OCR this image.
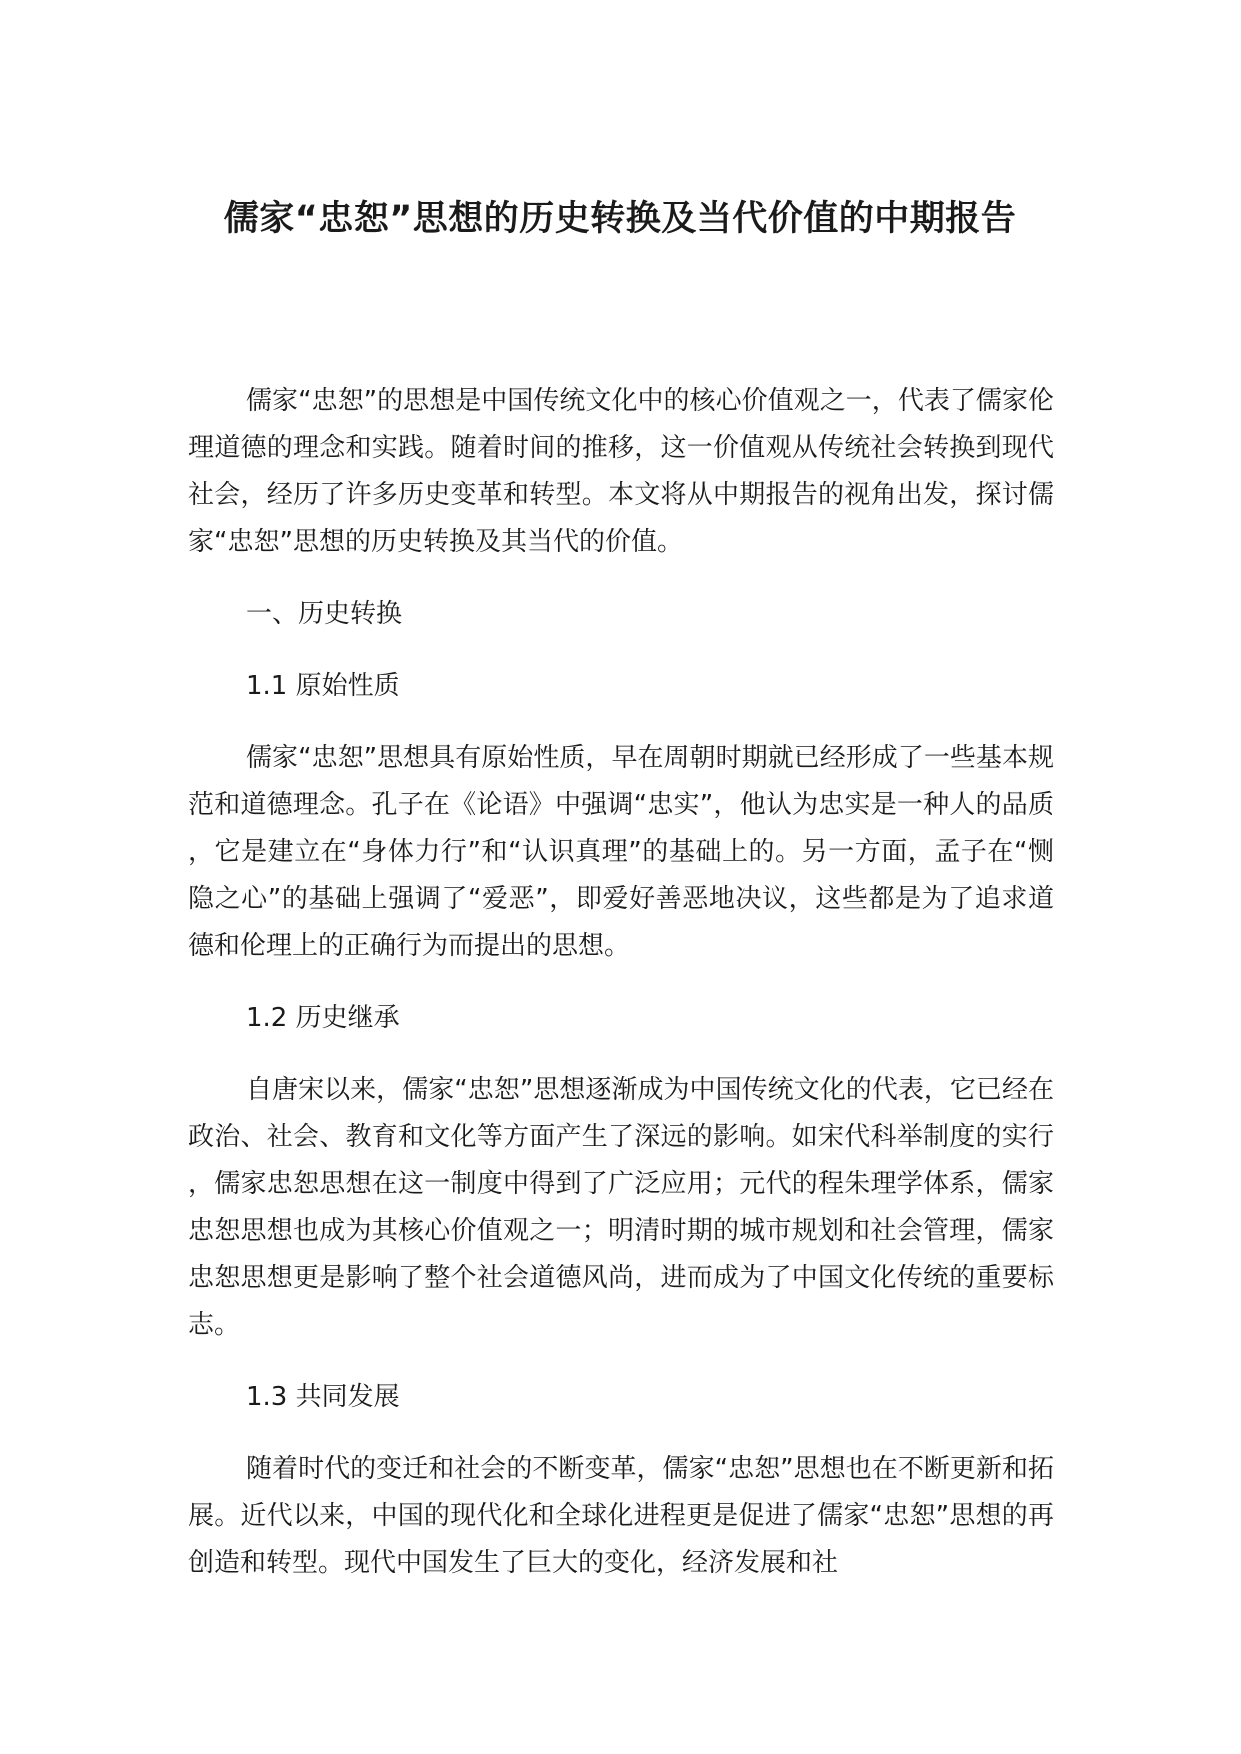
儒家“忠恕”思想的历史转换及当代价值的中期报告

儒家“忠恕”的思想是中国传统文化中的核心价值观之一，代表了儒家伦理道德的理念和实践。随着时间的推移，这一价值观从传统社会转换到现代社会，经历了许多历史变革和转型。本文将从中期报告的视角出发，探讨儒家“忠恕”思想的历史转换及其当代的价值。

一、历史转换

1.1 原始性质

儒家“忠恕”思想具有原始性质，早在周朝时期就已经形成了一些基本规范和道德理念。孔子在《论语》中强调“忠实”，他认为忠实是一种人的品质，它是建立在“身体力行”和“认识真理”的基础上的。另一方面，孟子在“恻隐之心”的基础上强调了“爱恶”，即爱好善恶地决议，这些都是为了追求道德和伦理上的正确行为而提出的思想。

1.2 历史继承

自唐宋以来，儒家“忠恕”思想逐渐成为中国传统文化的代表，它已经在政治、社会、教育和文化等方面产生了深远的影响。如宋代科举制度的实行，儒家忠恕思想在这一制度中得到了广泛应用；元代的程朱理学体系，儒家忠恕思想也成为其核心价值观之一；明清时期的城市规划和社会管理，儒家忠恕思想更是影响了整个社会道德风尚，进而成为了中国文化传统的重要标志。

1.3 共同发展

随着时代的变迁和社会的不断变革，儒家“忠恕”思想也在不断更新和拓展。近代以来，中国的现代化和全球化进程更是促进了儒家“忠恕”思想的再创造和转型。现代中国发生了巨大的变化，经济发展和社
